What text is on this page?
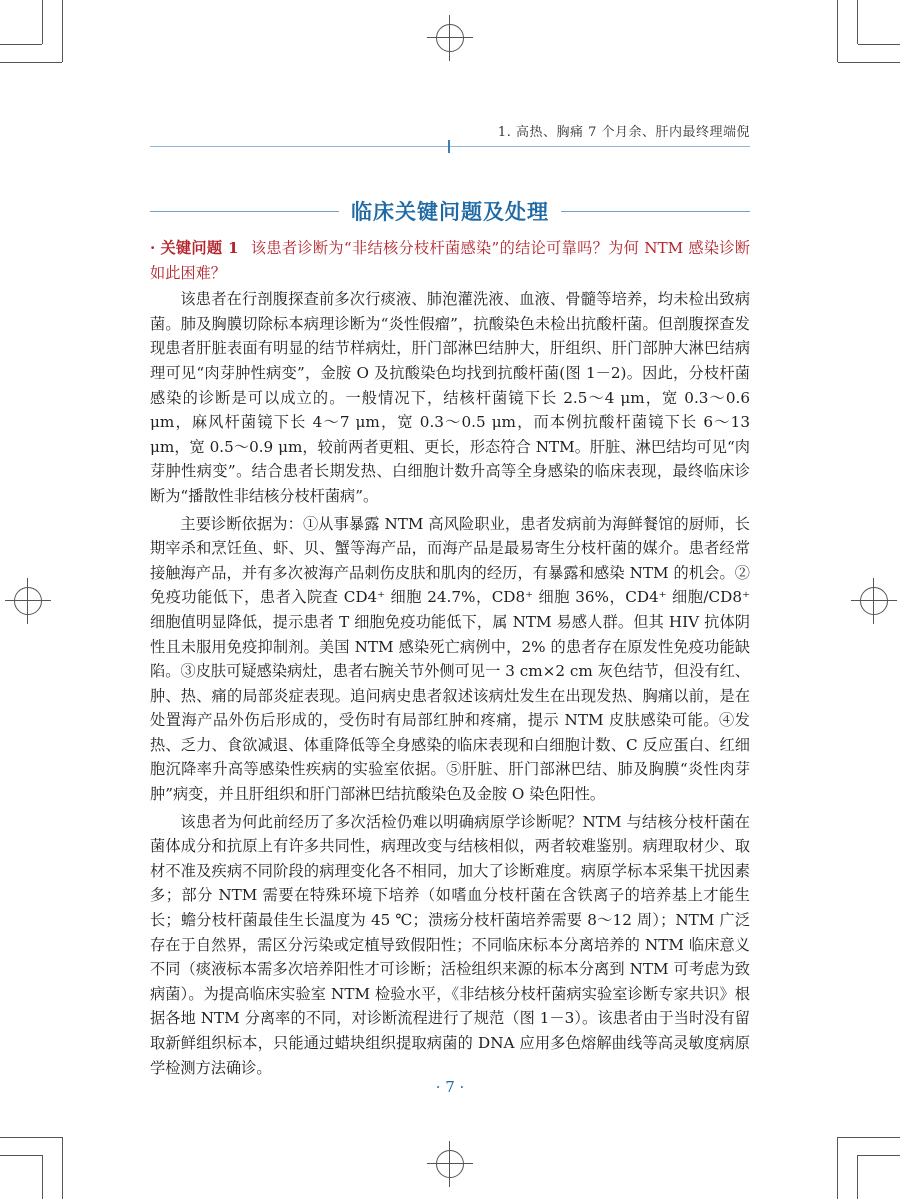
1. 高热、胸痛 7 个月余、肝内最终理端倪
临床关键问题及处理

· 关键问题 1 该患者诊断为“非结核分枝杆菌感染”的结论可靠吗？为何 NTM 感染诊断如此困难？

该患者在行剖腹探查前多次行痰液、肺泡灌洗液、血液、骨髓等培养，均未检出致病菌。肺及胸膜切除标本病理诊断为“炎性假瘤”，抗酸染色未检出抗酸杆菌。但剖腹探查发现患者肝脏表面有明显的结节样病灶，肝门部淋巴结肿大，肝组织、肝门部肿大淋巴结病理可见“肉芽肿性病变”，金胺 O 及抗酸染色均找到抗酸杆菌(图 1－2)。因此，分枝杆菌感染的诊断是可以成立的。一般情况下，结核杆菌镜下长 2.5～4 μm，宽 0.3～0.6 μm，麻风杆菌镜下长 4～7 μm，宽 0.3～0.5 μm，而本例抗酸杆菌镜下长 6～13 μm，宽 0.5～0.9 μm，较前两者更粗、更长，形态符合 NTM。肝脏、淋巴结均可见“肉芽肿性病变”。结合患者长期发热、白细胞计数升高等全身感染的临床表现，最终临床诊断为“播散性非结核分枝杆菌病”。

主要诊断依据为：①从事暴露 NTM 高风险职业，患者发病前为海鲜餐馆的厨师，长期宰杀和烹饪鱼、虾、贝、蟹等海产品，而海产品是最易寄生分枝杆菌的媒介。患者经常接触海产品，并有多次被海产品刺伤皮肤和肌肉的经历，有暴露和感染 NTM 的机会。②免疫功能低下，患者入院查 CD4⁺ 细胞 24.7%，CD8⁺ 细胞 36%，CD4⁺ 细胞/CD8⁺ 细胞值明显降低，提示患者 T 细胞免疫功能低下，属 NTM 易感人群。但其 HIV 抗体阴性且未服用免疫抑制剂。美国 NTM 感染死亡病例中，2% 的患者存在原发性免疫功能缺陷。③皮肤可疑感染病灶，患者右腕关节外侧可见一 3 cm×2 cm 灰色结节，但没有红、肿、热、痛的局部炎症表现。追问病史患者叙述该病灶发生在出现发热、胸痛以前，是在处置海产品外伤后形成的，受伤时有局部红肿和疼痛，提示 NTM 皮肤感染可能。④发热、乏力、食欲减退、体重降低等全身感染的临床表现和白细胞计数、C 反应蛋白、红细胞沉降率升高等感染性疾病的实验室依据。⑤肝脏、肝门部淋巴结、肺及胸膜“炎性肉芽肿”病变，并且肝组织和肝门部淋巴结抗酸染色及金胺 O 染色阳性。

该患者为何此前经历了多次活检仍难以明确病原学诊断呢？NTM 与结核分枝杆菌在菌体成分和抗原上有许多共同性，病理改变与结核相似，两者较难鉴别。病理取材少、取材不准及疾病不同阶段的病理变化各不相同，加大了诊断难度。病原学标本采集干扰因素多；部分 NTM 需要在特殊环境下培养（如嗜血分枝杆菌在含铁离子的培养基上才能生长；蟾分枝杆菌最佳生长温度为 45 ℃；溃疡分枝杆菌培养需要 8～12 周）；NTM 广泛存在于自然界，需区分污染或定植导致假阳性；不同临床标本分离培养的 NTM 临床意义不同（痰液标本需多次培养阳性才可诊断；活检组织来源的标本分离到 NTM 可考虑为致病菌）。为提高临床实验室 NTM 检验水平，《非结核分枝杆菌病实验室诊断专家共识》根据各地 NTM 分离率的不同，对诊断流程进行了规范（图 1－3）。该患者由于当时没有留取新鲜组织标本，只能通过蜡块组织提取病菌的 DNA 应用多色熔解曲线等高灵敏度病原学检测方法确诊。

· 7 ·
